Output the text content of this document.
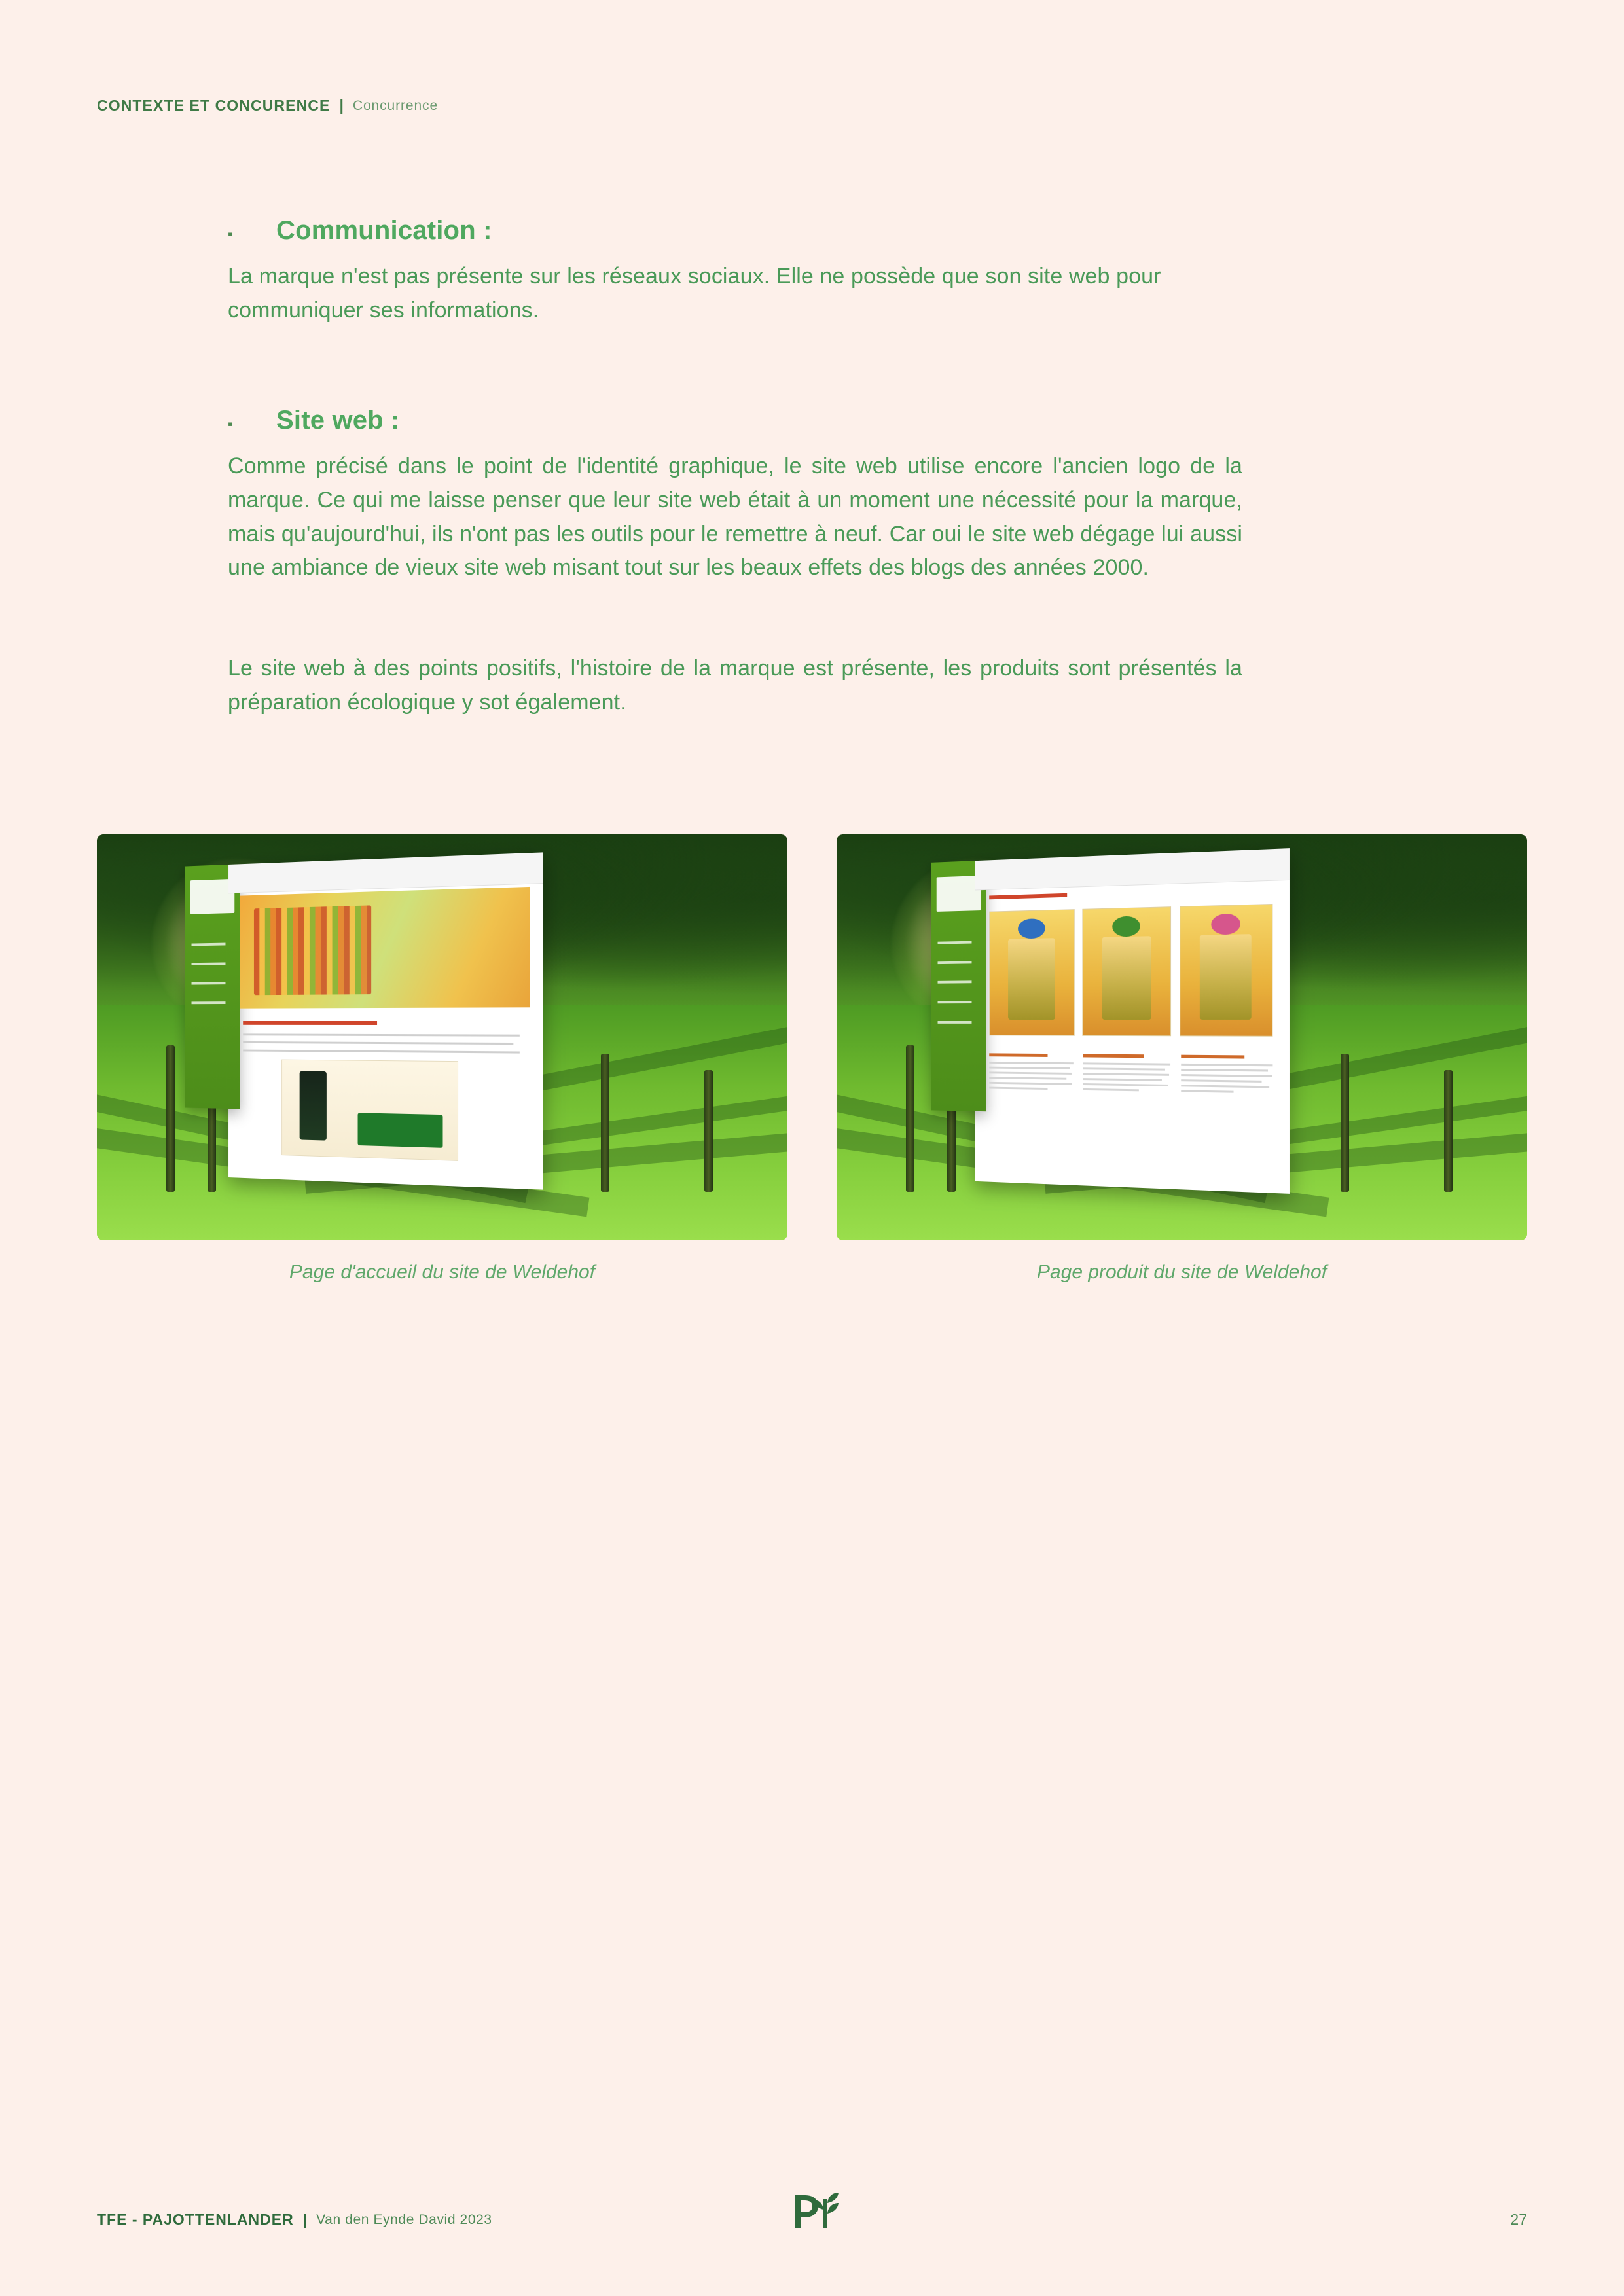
CONTEXTE ET CONCURENCE | Concurrence
▪	Communication :

La marque n'est pas présente sur les réseaux sociaux. Elle ne possède que son site web pour communiquer ses informations.

▪	Site web :

Comme précisé dans le point de l'identité graphique, le site web utilise encore l'ancien logo de la marque. Ce qui me laisse penser que leur site web était à un moment une nécessité pour la marque, mais qu'aujourd'hui, ils n'ont pas les outils pour le remettre à neuf. Car oui le site web dégage lui aussi une ambiance de vieux site web misant tout sur les beaux effets des blogs des années 2000.

Le site web à des points positifs, l'histoire de la marque est présente, les produits sont présentés la préparation écologique y sot également.

Page d'accueil du site de Weldehof	Page produit du site de Weldehof
TFE - PAJOTTENLANDER | Van den Eynde David 2023	27
